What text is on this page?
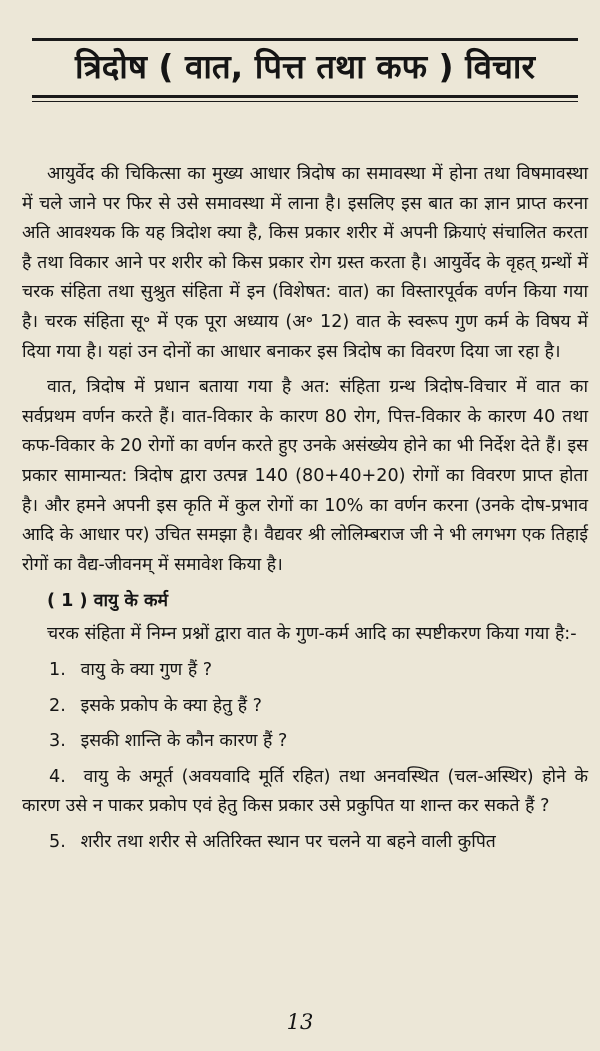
त्रिदोष ( वात, पित्त तथा कफ ) विचार

आयुर्वेद की चिकित्सा का मुख्य आधार त्रिदोष का समावस्था में होना तथा विषमावस्था में चले जाने पर फिर से उसे समावस्था में लाना है। इसलिए इस बात का ज्ञान प्राप्त करना अति आवश्यक कि यह त्रिदोश क्या है, किस प्रकार शरीर में अपनी क्रियाएं संचालित करता है तथा विकार आने पर शरीर को किस प्रकार रोग ग्रस्त करता है। आयुर्वेद के वृहत् ग्रन्थों में चरक संहिता तथा सुश्रुत संहिता में इन (विशेषत: वात) का विस्तारपूर्वक वर्णन किया गया है। चरक संहिता सू॰ में एक पूरा अध्याय (अ॰ 12) वात के स्वरूप गुण कर्म के विषय में दिया गया है। यहां उन दोनों का आधार बनाकर इस त्रिदोष का विवरण दिया जा रहा है।

वात, त्रिदोष में प्रधान बताया गया है अत: संहिता ग्रन्थ त्रिदोष-विचार में वात का सर्वप्रथम वर्णन करते हैं। वात-विकार के कारण 80 रोग, पित्त-विकार के कारण 40 तथा कफ-विकार के 20 रोगों का वर्णन करते हुए उनके असंख्येय होने का भी निर्देश देते हैं। इस प्रकार सामान्यत: त्रिदोष द्वारा उत्पन्न 140 (80+40+20) रोगों का विवरण प्राप्त होता है। और हमने अपनी इस कृति में कुल रोगों का 10% का वर्णन करना (उनके दोष-प्रभाव आदि के आधार पर) उचित समझा है। वैद्यवर श्री लोलिम्बराज जी ने भी लगभग एक तिहाई रोगों का वैद्य-जीवनम् में समावेश किया है।

( 1 ) वायु के कर्म

चरक संहिता में निम्न प्रश्नों द्वारा वात के गुण-कर्म आदि का स्पष्टीकरण किया गया है:-

1. वायु के क्या गुण हैं ?
2. इसके प्रकोप के क्या हेतु हैं ?
3. इसकी शान्ति के कौन कारण हैं ?
4. वायु के अमूर्त (अवयवादि मूर्ति रहित) तथा अनवस्थित (चल-अस्थिर) होने के कारण उसे न पाकर प्रकोप एवं हेतु किस प्रकार उसे प्रकुपित या शान्त कर सकते हैं ?
5. शरीर तथा शरीर से अतिरिक्त स्थान पर चलने या बहने वाली कुपित
13
